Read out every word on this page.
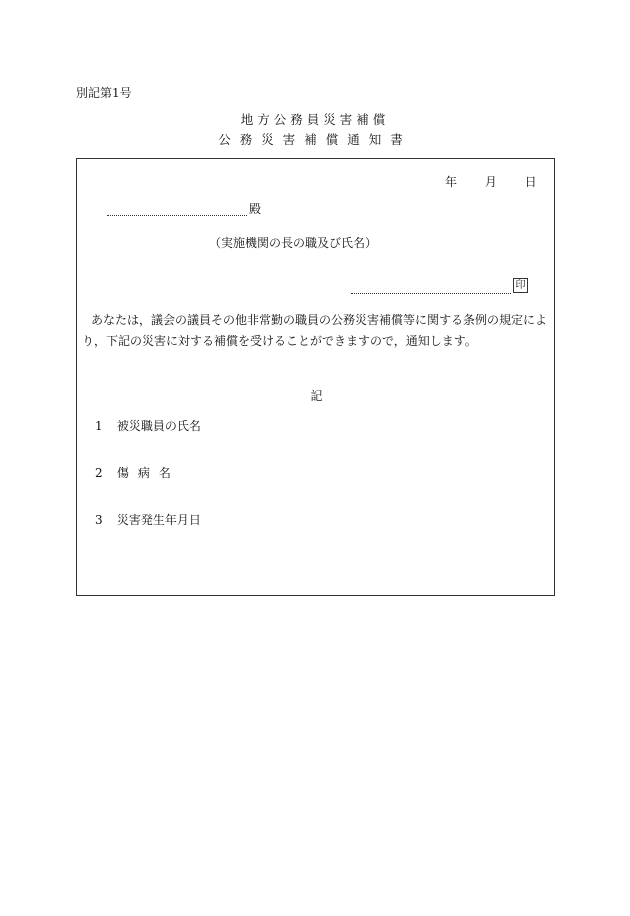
別記第1号
地方公務員災害補償
公務災害補償通知書
年 月 日
殿
（実施機関の長の職及び氏名）
印

あなたは，議会の議員その他非常勤の職員の公務災害補償等に関する条例の規定によ

り，下記の災害に対する補償を受けることができますので，通知します。

記
1 被災職員の氏名
2 傷病名
3 災害発生年月日
